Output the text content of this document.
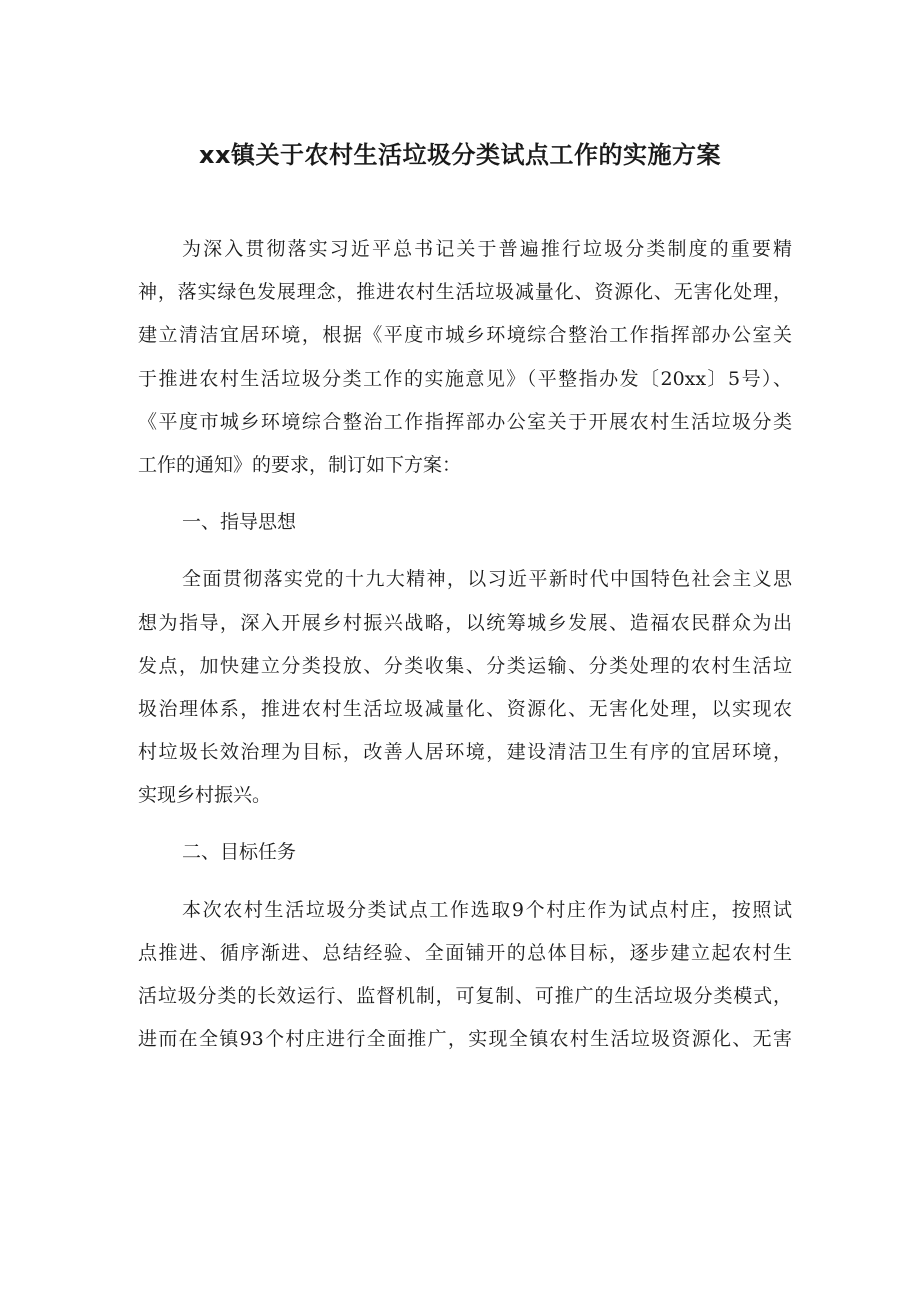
xx镇关于农村生活垃圾分类试点工作的实施方案
为深入贯彻落实习近平总书记关于普遍推行垃圾分类制度的重要精
神，落实绿色发展理念，推进农村生活垃圾减量化、资源化、无害化处理，
建立清洁宜居环境，根据《平度市城乡环境综合整治工作指挥部办公室关
于推进农村生活垃圾分类工作的实施意见》（平整指办发〔20xx〕5号）、
《平度市城乡环境综合整治工作指挥部办公室关于开展农村生活垃圾分类
工作的通知》的要求，制订如下方案：
一、指导思想
全面贯彻落实党的十九大精神，以习近平新时代中国特色社会主义思
想为指导，深入开展乡村振兴战略，以统筹城乡发展、造福农民群众为出
发点，加快建立分类投放、分类收集、分类运输、分类处理的农村生活垃
圾治理体系，推进农村生活垃圾减量化、资源化、无害化处理，以实现农
村垃圾长效治理为目标，改善人居环境，建设清洁卫生有序的宜居环境，
实现乡村振兴。
二、目标任务
本次农村生活垃圾分类试点工作选取9个村庄作为试点村庄，按照试
点推进、循序渐进、总结经验、全面铺开的总体目标，逐步建立起农村生
活垃圾分类的长效运行、监督机制，可复制、可推广的生活垃圾分类模式，
进而在全镇93个村庄进行全面推广，实现全镇农村生活垃圾资源化、无害
